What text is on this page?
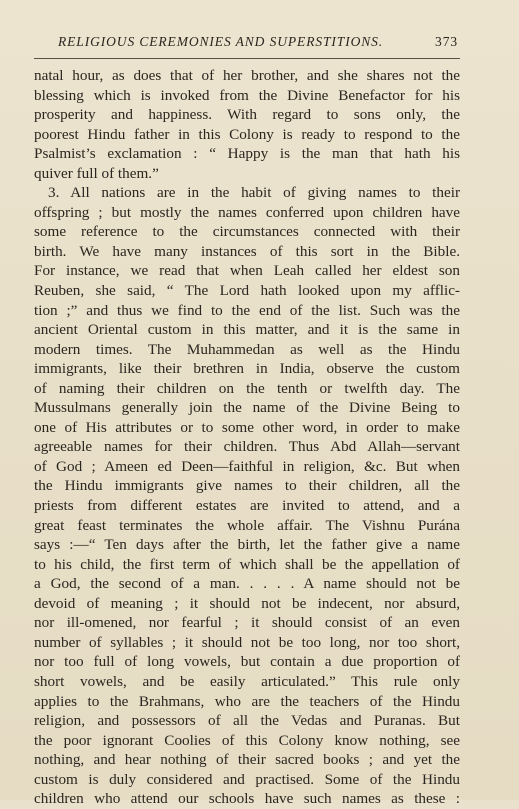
RELIGIOUS CEREMONIES AND SUPERSTITIONS.	373
natal hour, as does that of her brother, and she shares not the
blessing which is invoked from the Divine Benefactor for his
prosperity and happiness. With regard to sons only, the
poorest Hindu father in this Colony is ready to respond to the
Psalmist’s exclamation : “ Happy is the man that hath his
quiver full of them.”
3. All nations are in the habit of giving names to their
offspring ; but mostly the names conferred upon children have
some reference to the circumstances connected with their
birth. We have many instances of this sort in the Bible.
For instance, we read that when Leah called her eldest son
Reuben, she said, “ The Lord hath looked upon my afflic-
tion ;” and thus we find to the end of the list. Such was the
ancient Oriental custom in this matter, and it is the same in
modern times. The Muhammedan as well as the Hindu
immigrants, like their brethren in India, observe the custom
of naming their children on the tenth or twelfth day. The
Mussulmans generally join the name of the Divine Being to
one of His attributes or to some other word, in order to make
agreeable names for their children. Thus Abd Allah—servant
of God ; Ameen ed Deen—faithful in religion, &c. But when
the Hindu immigrants give names to their children, all the
priests from different estates are invited to attend, and a
great feast terminates the whole affair. The Vishnu Purána
says :—“ Ten days after the birth, let the father give a name
to his child, the first term of which shall be the appellation of
a God, the second of a man. . . . . A name should not be
devoid of meaning ; it should not be indecent, nor absurd,
nor ill-omened, nor fearful ; it should consist of an even
number of syllables ; it should not be too long, nor too short,
nor too full of long vowels, but contain a due proportion of
short vowels, and be easily articulated.” This rule only
applies to the Brahmans, who are the teachers of the Hindu
religion, and possessors of all the Vedas and Puranas. But
the poor ignorant Coolies of this Colony know nothing, see
nothing, and hear nothing of their sacred books ; and yet the
custom is duly considered and practised. Some of the Hindu
children who attend our schools have such names as these :
